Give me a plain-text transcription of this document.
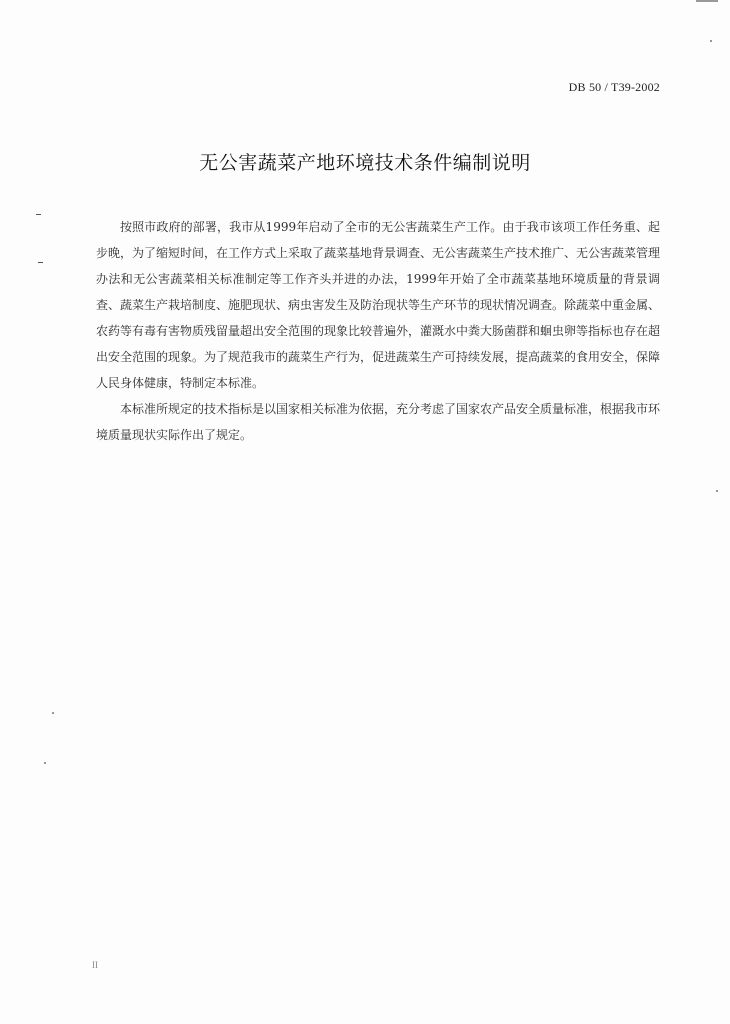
DB 50 / T39-2002
无公害蔬菜产地环境技术条件编制说明

按照市政府的部署，我市从1999年启动了全市的无公害蔬菜生产工作。由于我市该项工作任务重、起步晚，为了缩短时间，在工作方式上采取了蔬菜基地背景调查、无公害蔬菜生产技术推广、无公害蔬菜管理办法和无公害蔬菜相关标准制定等工作齐头并进的办法，1999年开始了全市蔬菜基地环境质量的背景调查、蔬菜生产栽培制度、施肥现状、病虫害发生及防治现状等生产环节的现状情况调查。除蔬菜中重金属、农药等有毒有害物质残留量超出安全范围的现象比较普遍外，灌溉水中粪大肠菌群和蛔虫卵等指标也存在超出安全范围的现象。为了规范我市的蔬菜生产行为，促进蔬菜生产可持续发展，提高蔬菜的食用安全，保障人民身体健康，特制定本标准。

本标准所规定的技术指标是以国家相关标准为依据，充分考虑了国家农产品安全质量标准，根据我市环境质量现状实际作出了规定。

II
